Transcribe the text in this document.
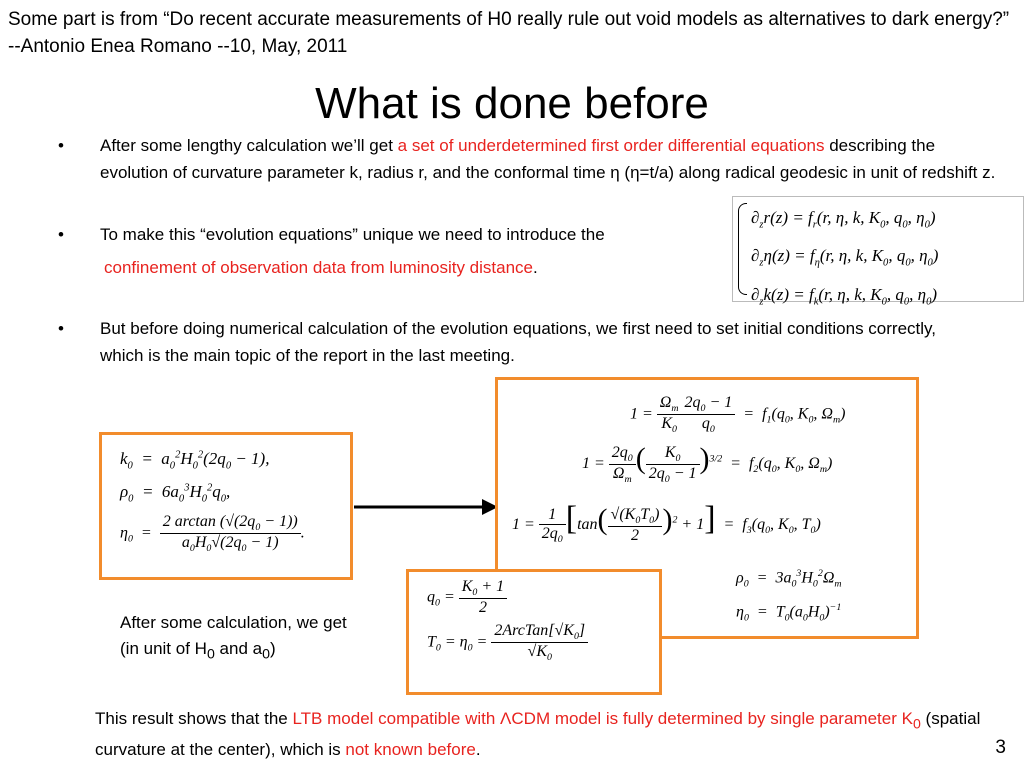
Some part is from “Do recent accurate measurements of H0 really rule out void models as alternatives to dark energy?” --Antonio Enea Romano --10, May, 2011
What is done before
• After some lengthy calculation we’ll get a set of underdetermined first order differential equations describing the evolution of curvature parameter k, radius r, and the conformal time η (η=t/a) along radical geodesic in unit of redshift z.
• To make this “evolution equations” unique we need to introduce the
confinement of observation data from luminosity distance.
$\partial_zr(z) = f_r(r$, η, k, $K_0$, $q_0$, $\eta_0$)
$\partial_z\eta(z) = f_\eta(r$, η, k, $K_0$, $q_0$, $\eta_0$)
$\partial_zk(z) = f_k(r$, η, k, $K_0$, $q_0$, $\eta_0$)
• But before doing numerical calculation of the evolution equations, we first need to set initial conditions correctly, which is the main topic of the report in the last meeting.
$k_0 = a_0^2H_0^2(2q_0 - 1)$,
$\rho_0 = 6a_0^3H_0^2q_0$,
$\eta_0 = \frac{2 \arctan (√(2q_0 - 1))}{a_0H_0√(2q_0 - 1)}$ .
$1 = \frac{\Omega_m}{K_0} \frac{2q_0 - 1}{q_0} = f_1(q_0$, $K_0$, $\Omega_m$)
$1 = \frac{2q_0}{\Omega_m}$ ( $\frac{K_0}{2q_0 - 1} )^{3/2} = f_2(q_0$, $K_0$, $\Omega_m$)
$1 = \frac{1}{2q_0} [\tan( \frac{√(K_0T_0)}{2} )^2 + 1] = f_3(q_0$, $K_0$, $T_0$)
$\rho_0 = 3a_0^3H_0^2\Omega_m$
$\eta_0 = T_0(a_0H_0)^{-1}$
$q_0 = \frac{K_0 + 1}{2}$
$T_0 = \eta_0 = \frac{2ArcTan[√K_0]}{√K_0}$
After some calculation, we get
(in unit of $H_0$ and $a_0$)
This result shows that the LTB model compatible with ΛCDM model is fully determined by single parameter $K_0$ (spatial curvature at the center), which is not known before.	3
